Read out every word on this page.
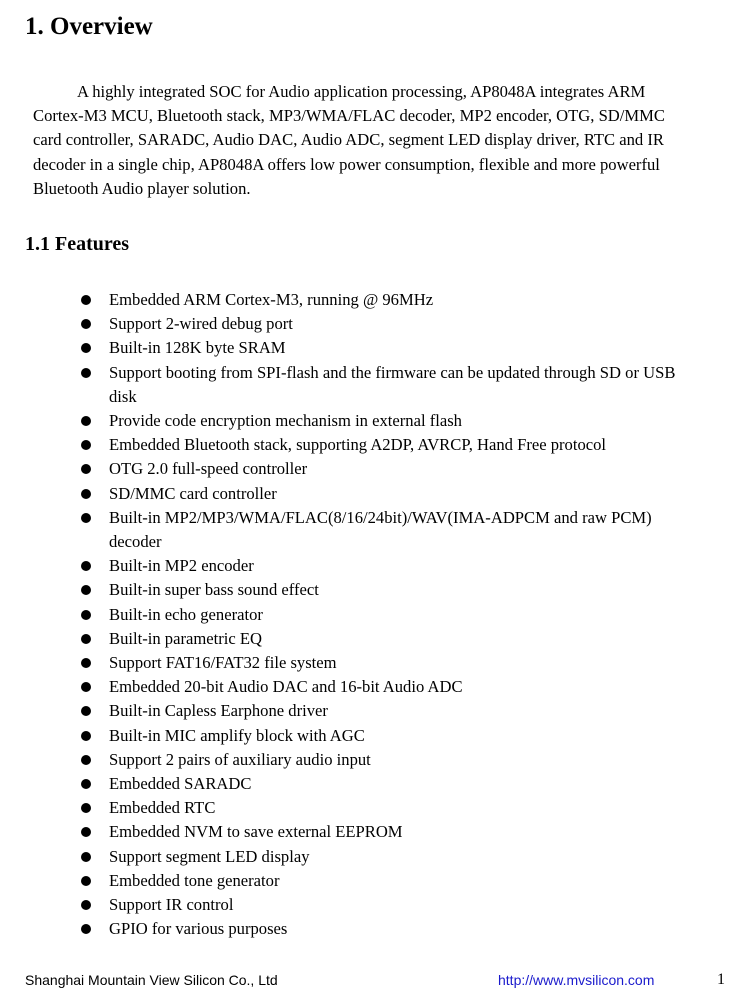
1. Overview

A highly integrated SOC for Audio application processing, AP8048A integrates ARM Cortex-M3 MCU, Bluetooth stack, MP3/WMA/FLAC decoder, MP2 encoder, OTG, SD/MMC card controller, SARADC, Audio DAC, Audio ADC, segment LED display driver, RTC and IR decoder in a single chip, AP8048A offers low power consumption, flexible and more powerful Bluetooth Audio player solution.

1.1 Features
Embedded ARM Cortex-M3, running @ 96MHz
Support 2-wired debug port
Built-in 128K byte SRAM
Support booting from SPI-flash and the firmware can be updated through SD or USB disk
Provide code encryption mechanism in external flash
Embedded Bluetooth stack, supporting A2DP, AVRCP, Hand Free protocol
OTG 2.0 full-speed controller
SD/MMC card controller
Built-in MP2/MP3/WMA/FLAC(8/16/24bit)/WAV(IMA-ADPCM and raw PCM) decoder
Built-in MP2 encoder
Built-in super bass sound effect
Built-in echo generator
Built-in parametric EQ
Support FAT16/FAT32 file system
Embedded 20-bit Audio DAC and 16-bit Audio ADC
Built-in Capless Earphone driver
Built-in MIC amplify block with AGC
Support 2 pairs of auxiliary audio input
Embedded SARADC
Embedded RTC
Embedded NVM to save external EEPROM
Support segment LED display
Embedded tone generator
Support IR control
GPIO for various purposes
Shanghai Mountain View Silicon Co., Ltd	http://www.mvsilicon.com	1
